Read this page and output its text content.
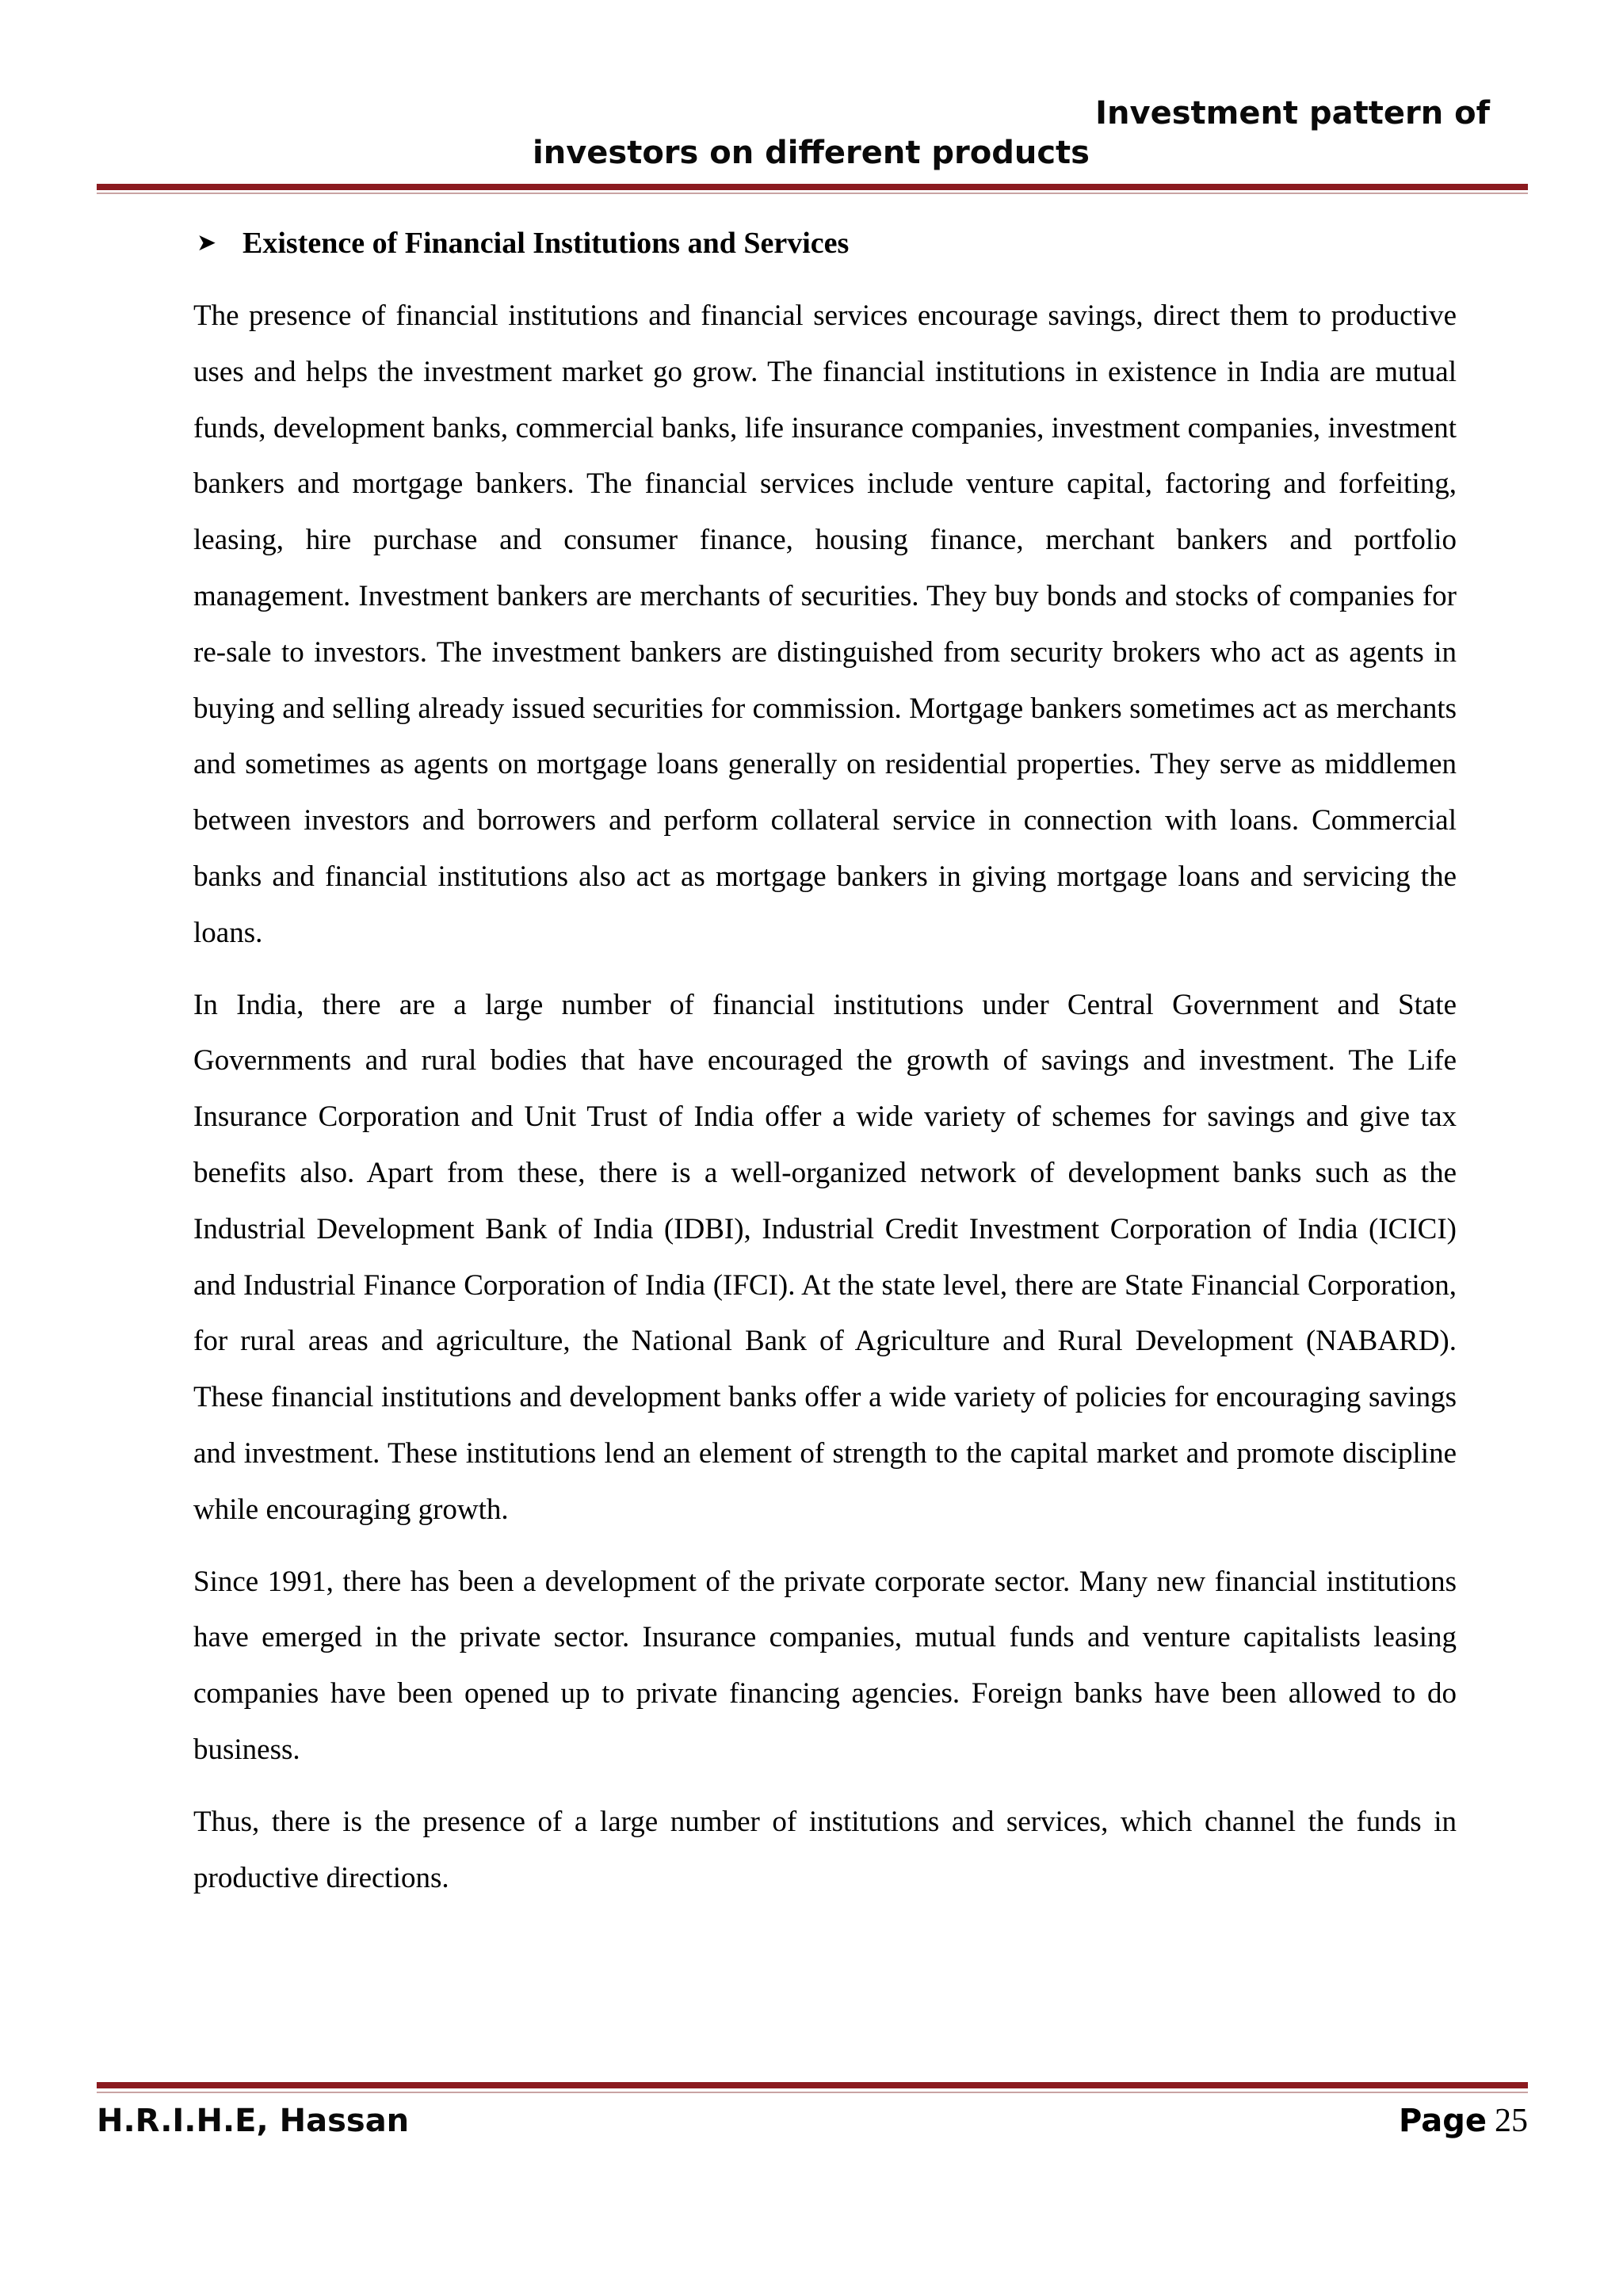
Investment pattern of
investors on different products
➤ Existence of Financial Institutions and Services

The presence of financial institutions and financial services encourage savings, direct them to productive uses and helps the investment market go grow. The financial institutions in existence in India are mutual funds, development banks, commercial banks, life insurance companies, investment companies, investment bankers and mortgage bankers. The financial services include venture capital, factoring and forfeiting, leasing, hire purchase and consumer finance, housing finance, merchant bankers and portfolio management. Investment bankers are merchants of securities. They buy bonds and stocks of companies for re-sale to investors. The investment bankers are distinguished from security brokers who act as agents in buying and selling already issued securities for commission. Mortgage bankers sometimes act as merchants and sometimes as agents on mortgage loans generally on residential properties. They serve as middlemen between investors and borrowers and perform collateral service in connection with loans. Commercial banks and financial institutions also act as mortgage bankers in giving mortgage loans and servicing the loans.

In India, there are a large number of financial institutions under Central Government and State Governments and rural bodies that have encouraged the growth of savings and investment. The Life Insurance Corporation and Unit Trust of India offer a wide variety of schemes for savings and give tax benefits also. Apart from these, there is a well-organized network of development banks such as the Industrial Development Bank of India (IDBI), Industrial Credit Investment Corporation of India (ICICI) and Industrial Finance Corporation of India (IFCI). At the state level, there are State Financial Corporation, for rural areas and agriculture, the National Bank of Agriculture and Rural Development (NABARD). These financial institutions and development banks offer a wide variety of policies for encouraging savings and investment. These institutions lend an element of strength to the capital market and promote discipline while encouraging growth.

Since 1991, there has been a development of the private corporate sector. Many new financial institutions have emerged in the private sector. Insurance companies, mutual funds and venture capitalists leasing companies have been opened up to private financing agencies. Foreign banks have been allowed to do business.

Thus, there is the presence of a large number of institutions and services, which channel the funds in productive directions.

H.R.I.H.E, Hassan	Page 25
